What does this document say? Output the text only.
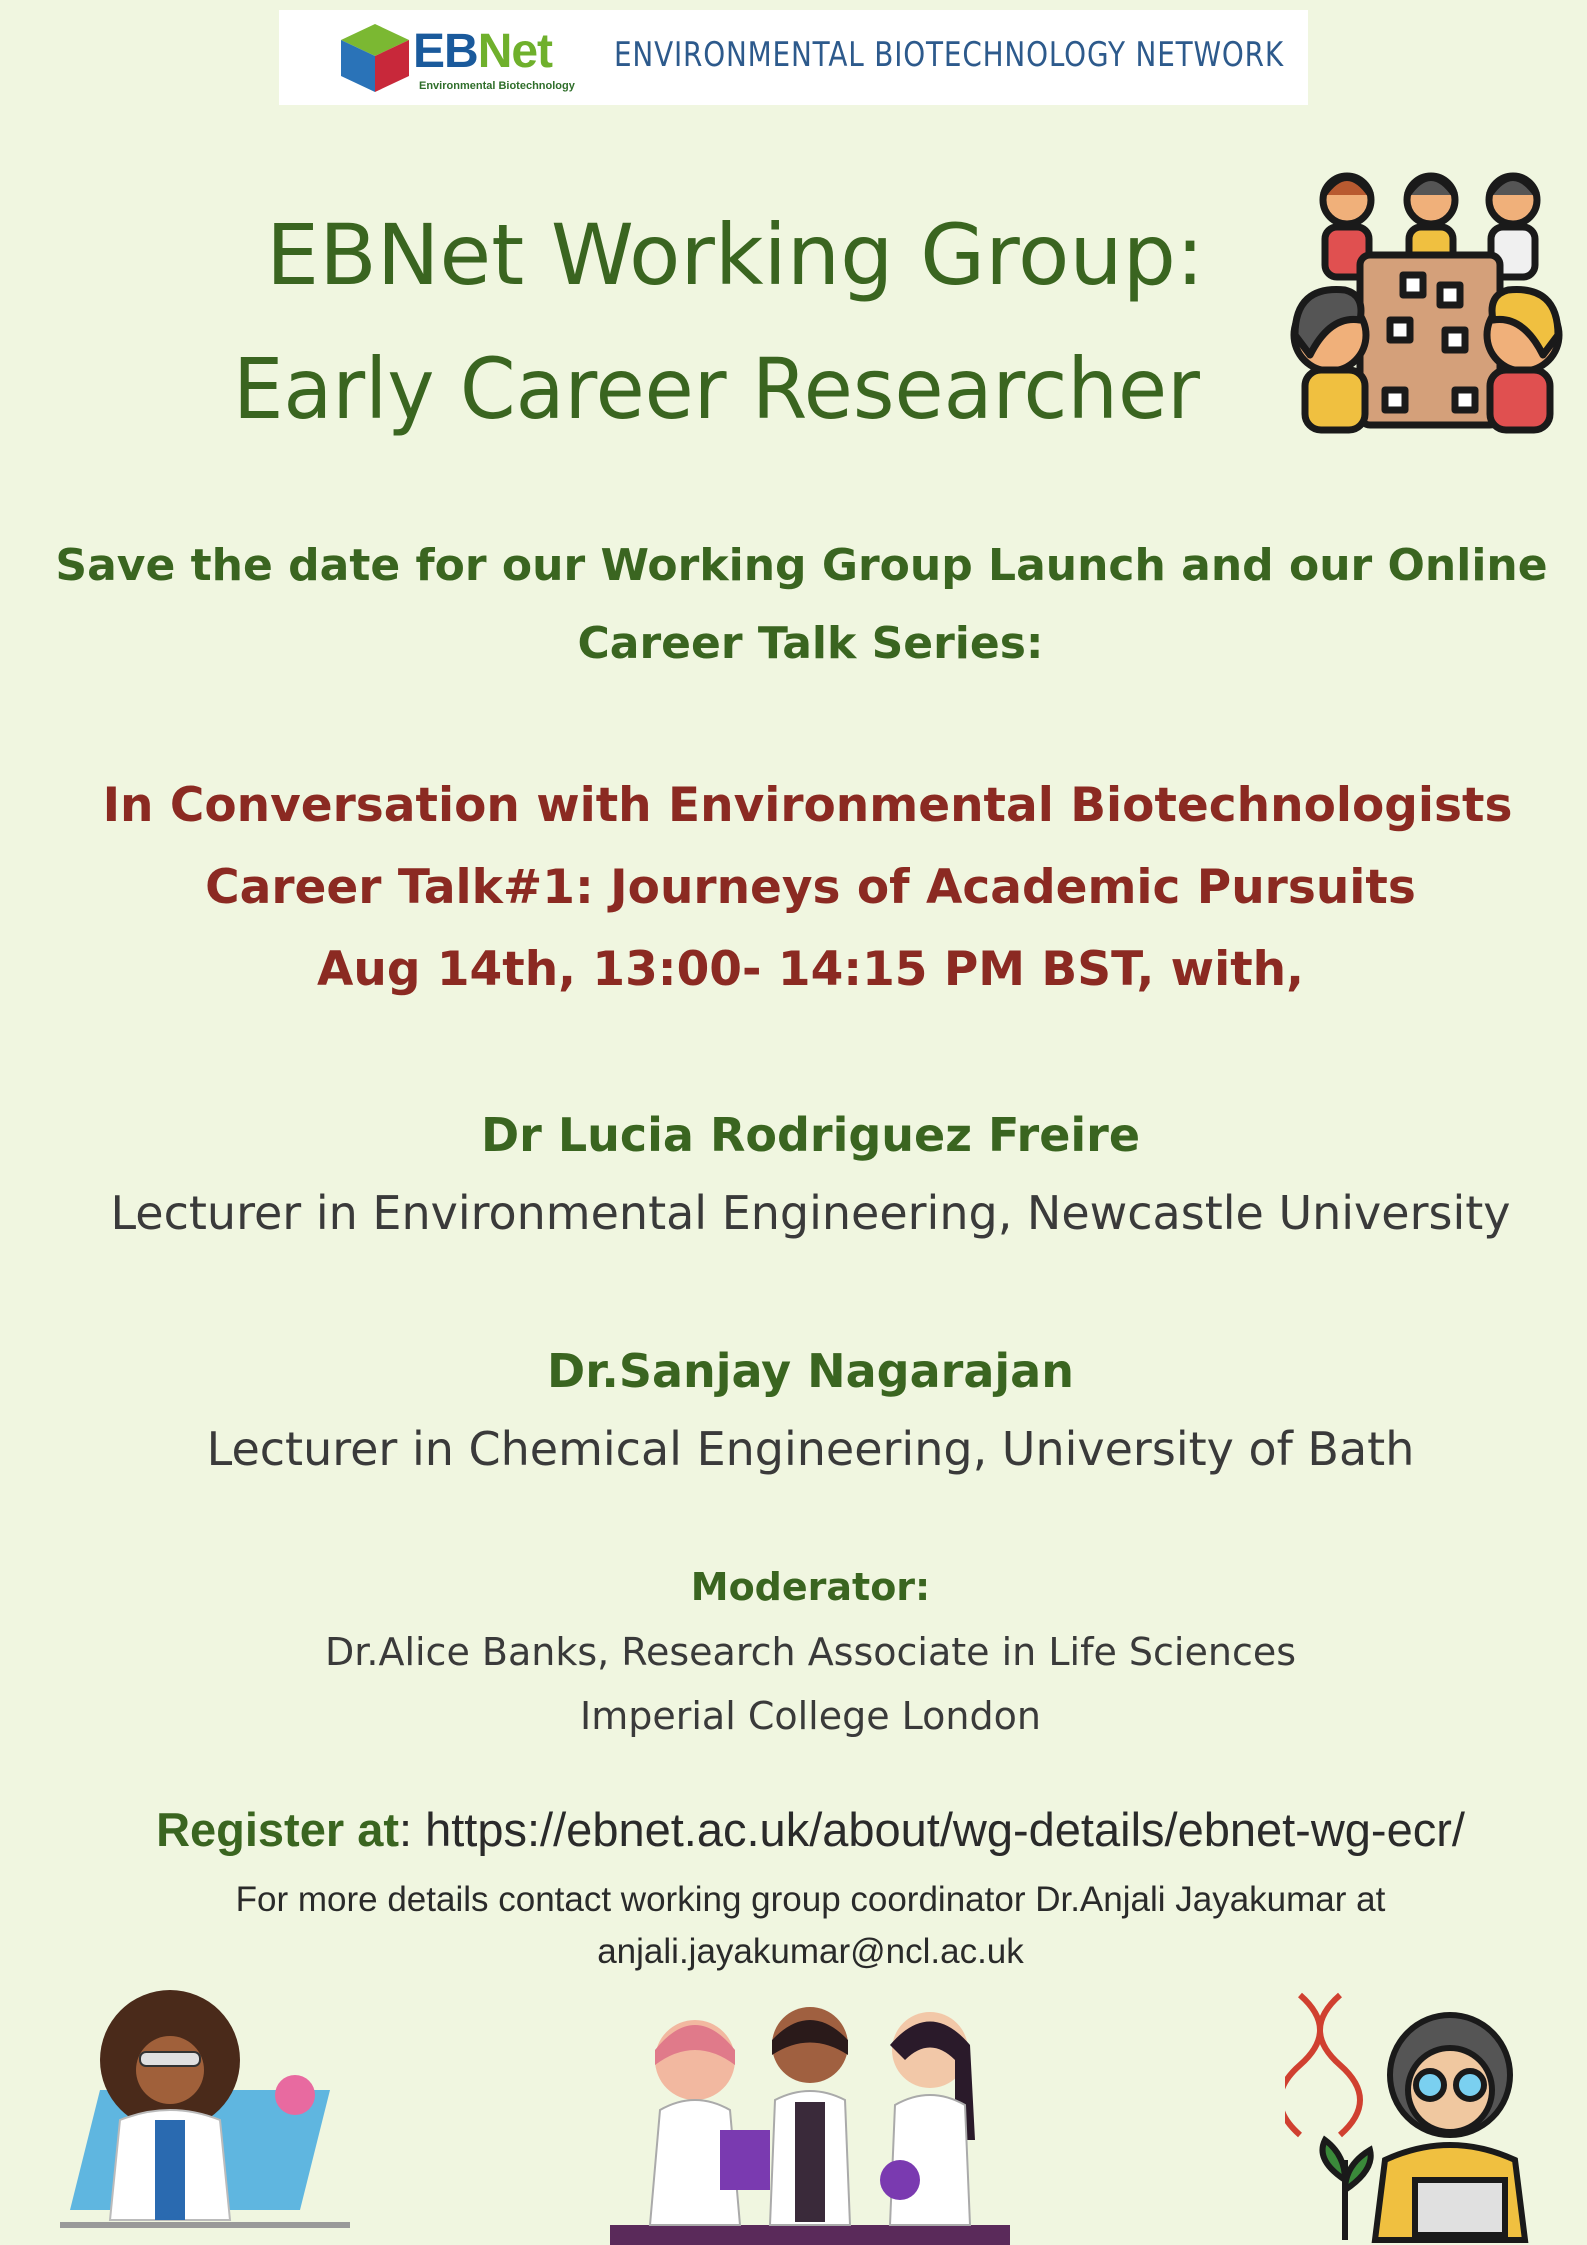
EBNet
Environmental Biotechnology
ENVIRONMENTAL BIOTECHNOLOGY NETWORK
EBNet Working Group:
Early Career Researcher
Save the date for our Working Group Launch and our Online
Career Talk Series:
In Conversation with Environmental Biotechnologists
Career Talk#1: Journeys of Academic Pursuits
Aug 14th, 13:00- 14:15 PM BST, with,
Dr Lucia Rodriguez Freire
Lecturer in Environmental Engineering, Newcastle University
Dr.Sanjay Nagarajan
Lecturer in Chemical Engineering, University of Bath
Moderator:
Dr.Alice Banks, Research Associate in Life Sciences
Imperial College London
Register at: https://ebnet.ac.uk/about/wg-details/ebnet-wg-ecr/
For more details contact working group coordinator Dr.Anjali Jayakumar at
anjali.jayakumar@ncl.ac.uk
